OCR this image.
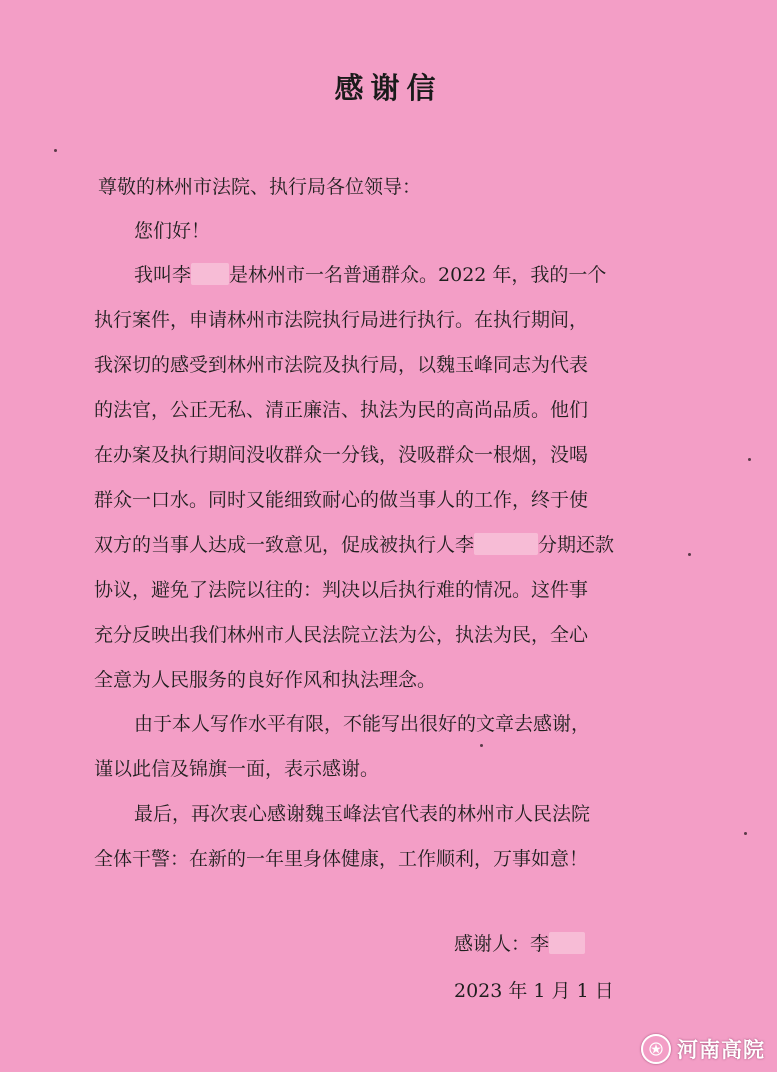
感谢信
尊敬的林州市法院、执行局各位领导：
您们好！
我叫李 是林州市一名普通群众。2022 年，我的一个
执行案件，申请林州市法院执行局进行执行。在执行期间，
我深切的感受到林州市法院及执行局，以魏玉峰同志为代表
的法官，公正无私、清正廉洁、执法为民的高尚品质。他们
在办案及执行期间没收群众一分钱，没吸群众一根烟，没喝
群众一口水。同时又能细致耐心的做当事人的工作，终于使
双方的当事人达成一致意见，促成被执行人李	分期还款
协议，避免了法院以往的：判决以后执行难的情况。这件事
充分反映出我们林州市人民法院立法为公，执法为民，全心
全意为人民服务的良好作风和执法理念。
由于本人写作水平有限，不能写出很好的文章去感谢，
谨以此信及锦旗一面，表示感谢。
最后，再次衷心感谢魏玉峰法官代表的林州市人民法院
全体干警：在新的一年里身体健康，工作顺利，万事如意！
感谢人：李
2023 年 1 月 1 日
河南高院
